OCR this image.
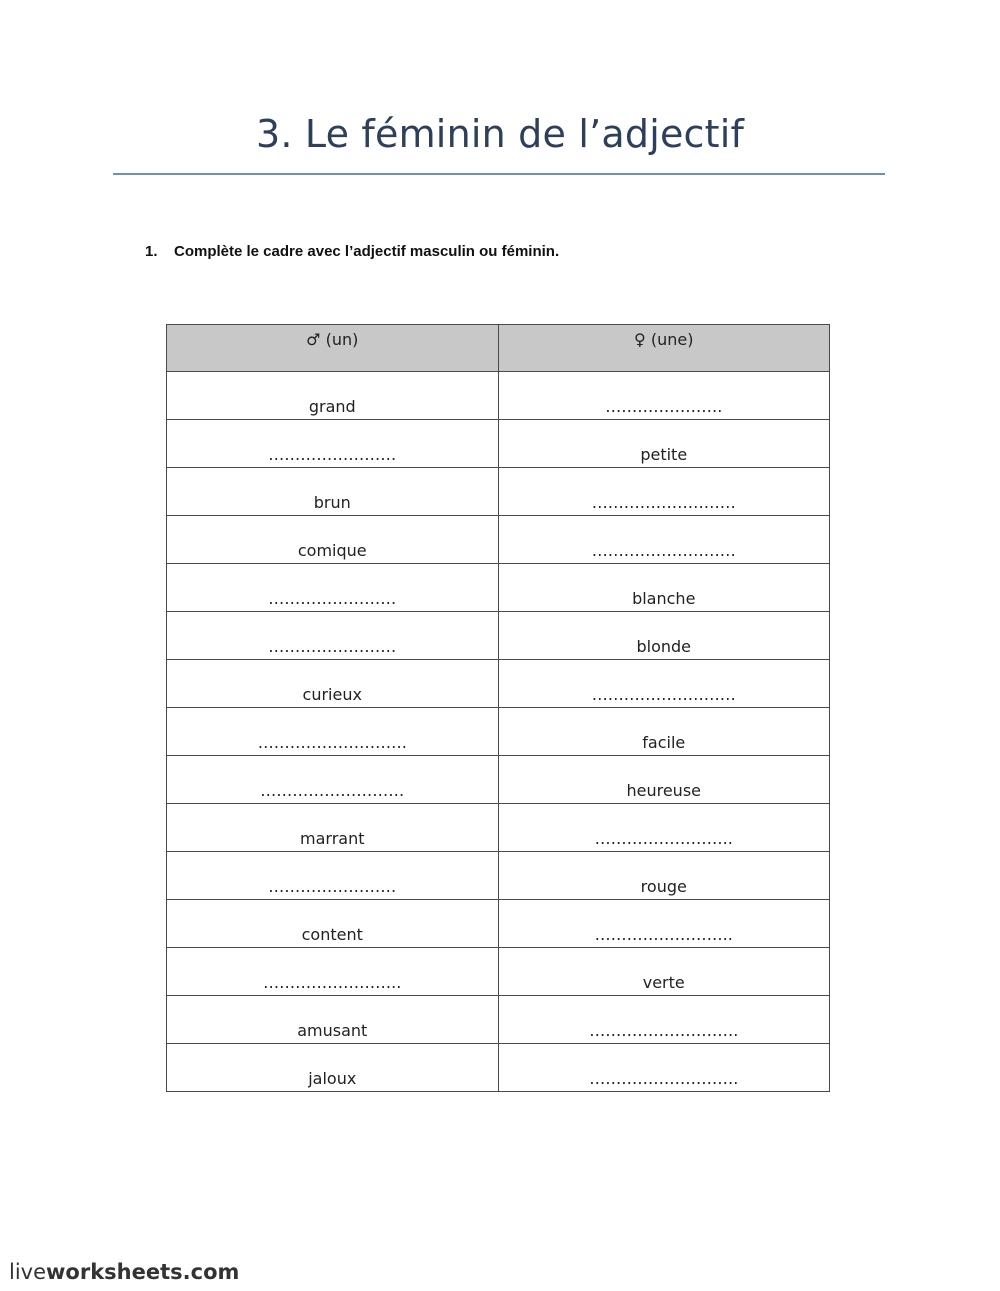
3. Le féminin de l’adjectif
1. Complète le cadre avec l’adjectif masculin ou féminin.
♂ (un)	♀ (une)
grand	………………….
……………………	petite
brun	………………………
comique	………………………
……………………	blanche
……………………	blonde
curieux	………………………
……………………….	facile
………………………	heureuse
marrant	……………………..
……………………	rouge
content	……………………..
……………………..	verte
amusant	……………………….
jaloux	……………………….
liveworksheets.com
